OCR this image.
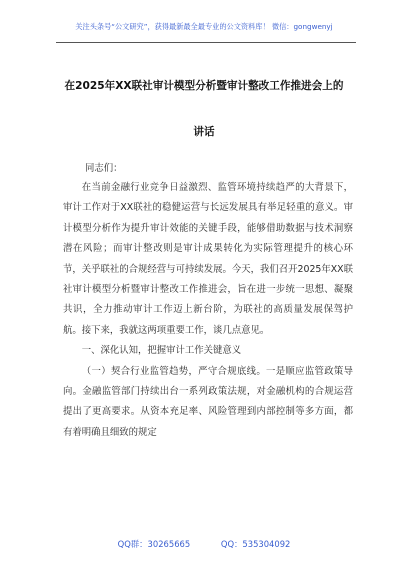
关注头条号“公文研究”，获得最新最全最专业的公文资料库！ 微信：gongwenyj
在2025年XX联社审计模型分析暨审计整改工作推进会上的
讲话
同志们：

在当前金融行业竞争日益激烈、监管环境持续趋严的大背景下，审计工作对于XX联社的稳健运营与长远发展具有举足轻重的意义。审计模型分析作为提升审计效能的关键手段，能够借助数据与技术洞察潜在风险；而审计整改则是审计成果转化为实际管理提升的核心环节，关乎联社的合规经营与可持续发展。今天，我们召开2025年XX联社审计模型分析暨审计整改工作推进会，旨在进一步统一思想、凝聚共识，全力推动审计工作迈上新台阶，为联社的高质量发展保驾护航。接下来，我就这两项重要工作，谈几点意见。

一、深化认知，把握审计工作关键意义

（一）契合行业监管趋势，严守合规底线。一是顺应监管政策导向。金融监管部门持续出台一系列政策法规，对金融机构的合规运营提出了更高要求。从资本充足率、风险管理到内部控制等多方面，都有着明确且细致的规定

QQ群：30265665	QQ：535304092
